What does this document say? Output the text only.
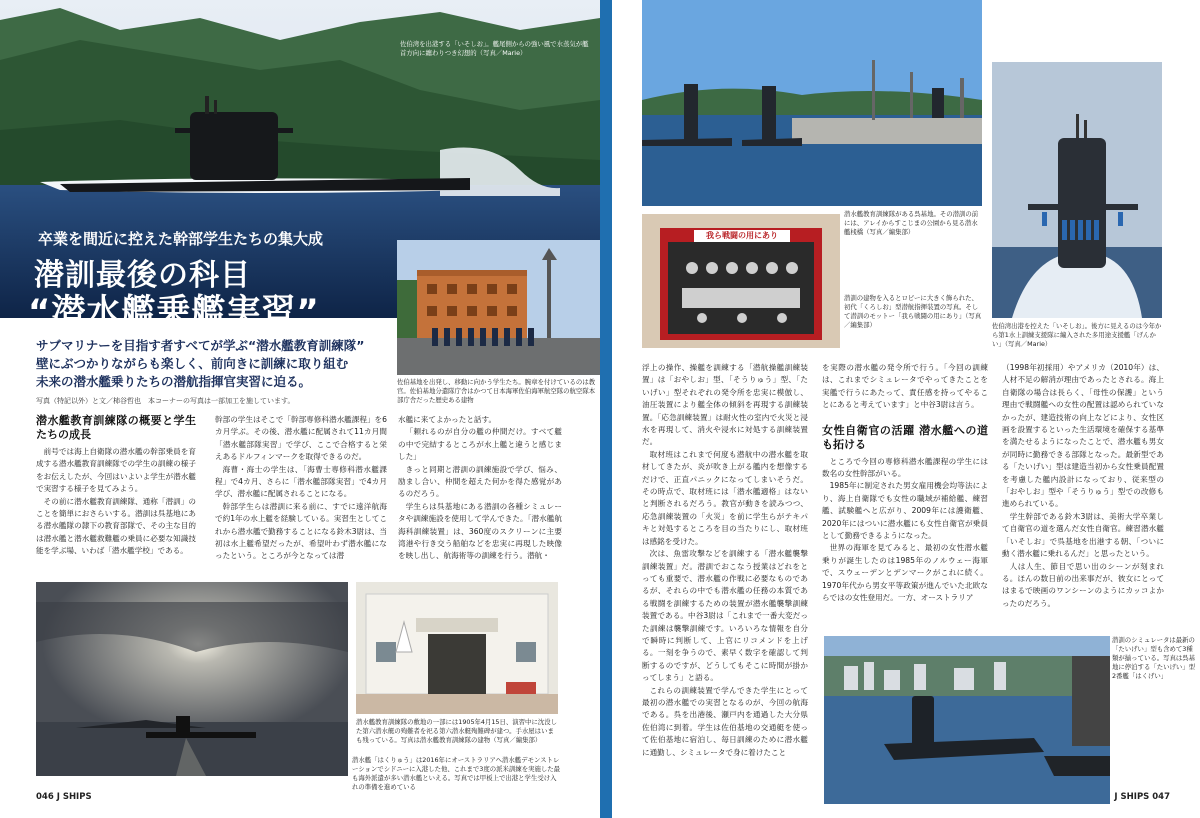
佐伯湾を出港する「いそしお」。艦尾側からの強い風で水蒸気が艦首方向に纏わりつき幻想的（写真／Marie）
卒業を間近に控えた幹部学生たちの集大成
潜訓最後の科目
“潜水艦乗艦実習”
佐伯基地を出発し、移動に向かう学生たち。腕章を付けているのは教官。佐伯基地分遣隊庁舎はかつて日本海軍佐伯海軍航空隊の航空隊本部庁舎だった歴史ある建物
サブマリナーを目指す者すべてが学ぶ“潜水艦教育訓練隊”
壁にぶつかりながらも楽しく、前向きに訓練に取り組む
未来の潜水艦乗りたちの潜航指揮官実習に迫る。
写真（特記以外）と文／柿谷哲也　本コーナーの写真は一部加工を施しています。
潜水艦教育訓練隊の概要と学生たちの成長

前号では海上自衛隊の潜水艦の幹部乗員を育成する潜水艦教育訓練隊での学生の訓練の様子をお伝えしたが、今回はいよいよ学生が潜水艦で実習する様子を見てみよう。

その前に潜水艦教育訓練隊、通称「潜訓」のことを簡単におさらいする。潜訓は呉基地にある潜水艦隊の隷下の教育部隊で、その主な目的は潜水艦と潜水艦救難艦の乗員に必要な知識技能を学ぶ場、いわば「潜水艦学校」である。

幹部の学生はそこで「幹部専修科潜水艦課程」を6カ月学ぶ。その後、潜水艦に配属されて11カ月間「潜水艦部隊実習」で学び、ここで合格すると栄えあるドルフィンマークを取得できるのだ。

海曹・海士の学生は、「海曹士専修科潜水艦課程」で4カ月、さらに「潜水艦部隊実習」で4カ月学び、潜水艦に配属されることになる。

幹部学生らは潜訓に来る前に、すでに遠洋航海で約1年の水上艦を経験している。実習生としてこれから潜水艦で勤務することになる鈴木3尉は、当初は水上艦希望だったが、希望叶わず潜水艦になったという。ところが今となっては潜

水艦に来てよかったと話す。

「頼れるのが自分の艦の仲間だけ。すべて艦の中で完結するところが水上艦と違うと感じました」

きっと同期と潜訓の訓練施設で学び、悩み、励まし合い、仲間を超えた何かを得た感覚があるのだろう。

学生らは呉基地にある潜訓の各種シミュレータや訓練施設を使用して学んできた。「潜水艦航海科訓練装置」は、360度のスクリーンに主要湾港や行き交う船舶などを忠実に再現した映像を映し出し、航海術等の訓練を行う。潜航・

潜水艦「はくりゅう」は2016年にオーストラリアへ潜水艦デモンストレーションでシドニーに入港した他、これまで3度の派米訓練を実施した最も海外派遣が多い潜水艦といえる。写真では甲板上で出港と学生受け入れの準備を進めている
潜水艦教育訓練隊の敷地の一部には1905年4月15日、演習中に沈没した第六潜水艇の殉難者を祀る第六潜水艇殉難碑が建つ。手水屋はいまも残っている。写真は潜水艦教育訓練隊の建物（写真／編集部）
046 J SHIPS
潜水艦教育訓練隊がある呉基地。その潜訓の前には、アレイからすこじまの公園から見る潜水艦桟橋（写真／編集部）
我ら戦闘の用にあり
潜訓の建物を入るとロビーに大きく飾られた、初代「くろしお」型潜航指揮装置の写真。そして潜訓のモットー「我ら戦闘の用にあり」（写真／編集部）	佐伯湾出港を控えた「いそしお」。後方に見えるのは今年から第1水上訓練支援隊に編入された多用途支援艦「げんかい」（写真／Marie）

浮上の操作、操艦を訓練する「潜航操艦訓練装置」は「おやしお」型、「そうりゅう」型、「たいげい」型それぞれの発令所を忠実に模倣し、油圧装置により艦全体の傾斜を再現する訓練装置。「応急訓練装置」は耐火性の室内で火災と浸水を再現して、消火や浸水に対処する訓練装置だ。

取材班はこれまで何度も潜航中の潜水艦を取材してきたが、炎が吹き上がる艦内を想像するだけで、正直パニックになってしまいそうだ。その時点で、取材班には「潜水艦適格」はないと判断されるだろう。教官が動きを読みつつ、応急訓練装置の「火災」を前に学生らがテキパキと対処するところを目の当たりにし、取材班は感銘を受けた。

次は、魚雷攻撃などを訓練する「潜水艦襲撃訓練装置」だ。潜訓でおこなう授業はどれをとっても重要で、潜水艦の作戦に必要なものであるが、それらの中でも潜水艦の任務の本質である戦闘を訓練するための装置が潜水艦襲撃訓練装置である。中谷3尉は「これまで一番大変だった訓練は襲撃訓練です。いろいろな情報を自分で瞬時に判断して、上官にリコメンドを上げる。一刻を争うので、素早く数字を確認して判断するのですが、どうしてもそこに時間が掛かってしまう」と語る。

これらの訓練装置で学んできた学生にとって最初の潜水艦での実習となるのが、今回の航海である。呉を出港後、瀬戸内を通過した大分県佐伯湾に到着。学生は佐伯基地の交通艇を使って佐伯基地に宿泊し、毎日訓練のために潜水艦に通勤し、シミュレータで身に着けたこと

を実際の潜水艦の発令所で行う。「今回の訓練は、これまでシミュレータでやってきたことを実艦で行うにあたって、責任感を持ってやることにあると考えています」と中谷3尉は言う。

女性自衛官の活躍 潜水艦への道も拓ける

ところで今回の専修科潜水艦課程の学生には数名の女性幹部がいる。

1985年に制定された男女雇用機会均等法により、海上自衛隊でも女性の職域が補給艦、練習艦、試験艦へと広がり、2009年には護衛艦、2020年にはついに潜水艦にも女性自衛官が乗員として勤務できるようになった。

世界の海軍を見てみると、最初の女性潜水艦乗りが誕生したのは1985年のノルウェー海軍で、スウェーデンとデンマークがこれに続く。1970年代から男女平等政策が進んでいた北欧ならではの女性登用だ。一方、オーストラリア

（1998年初採用）やアメリカ（2010年）は、人材不足の解消が理由であったとされる。海上自衛隊の場合は長らく、「母性の保護」という理由で戦闘艦への女性の配置は認められていなかったが、建造技術の向上などにより、女性区画を設置するといった生活環境を確保する基準を満たせるようになったことで、潜水艦も男女が同時に勤務できる部隊となった。最新型である「たいげい」型は建造当初から女性乗員配置を考慮した艦内設計になっており、従来型の「おやしお」型や「そうりゅう」型での改修も進められている。

学生幹部である鈴木3尉は、美術大学卒業して自衛官の道を選んだ女性自衛官。練習潜水艦「いそしお」で呉基地を出港する朝、「ついに動く潜水艦に乗れるんだ」と思ったという。

人は人生、節目で思い出のシーンが刻まれる。ほんの数日前の出来事だが、彼女にとってはまるで映画のワンシーンのようにカッコよかったのだろう。

潜訓のシミュレータは最新の「たいげい」型も含めて3種類が揃っている。写真は呉基地に停泊する「たいげい」型2番艦「はくげい」
J SHIPS 047
